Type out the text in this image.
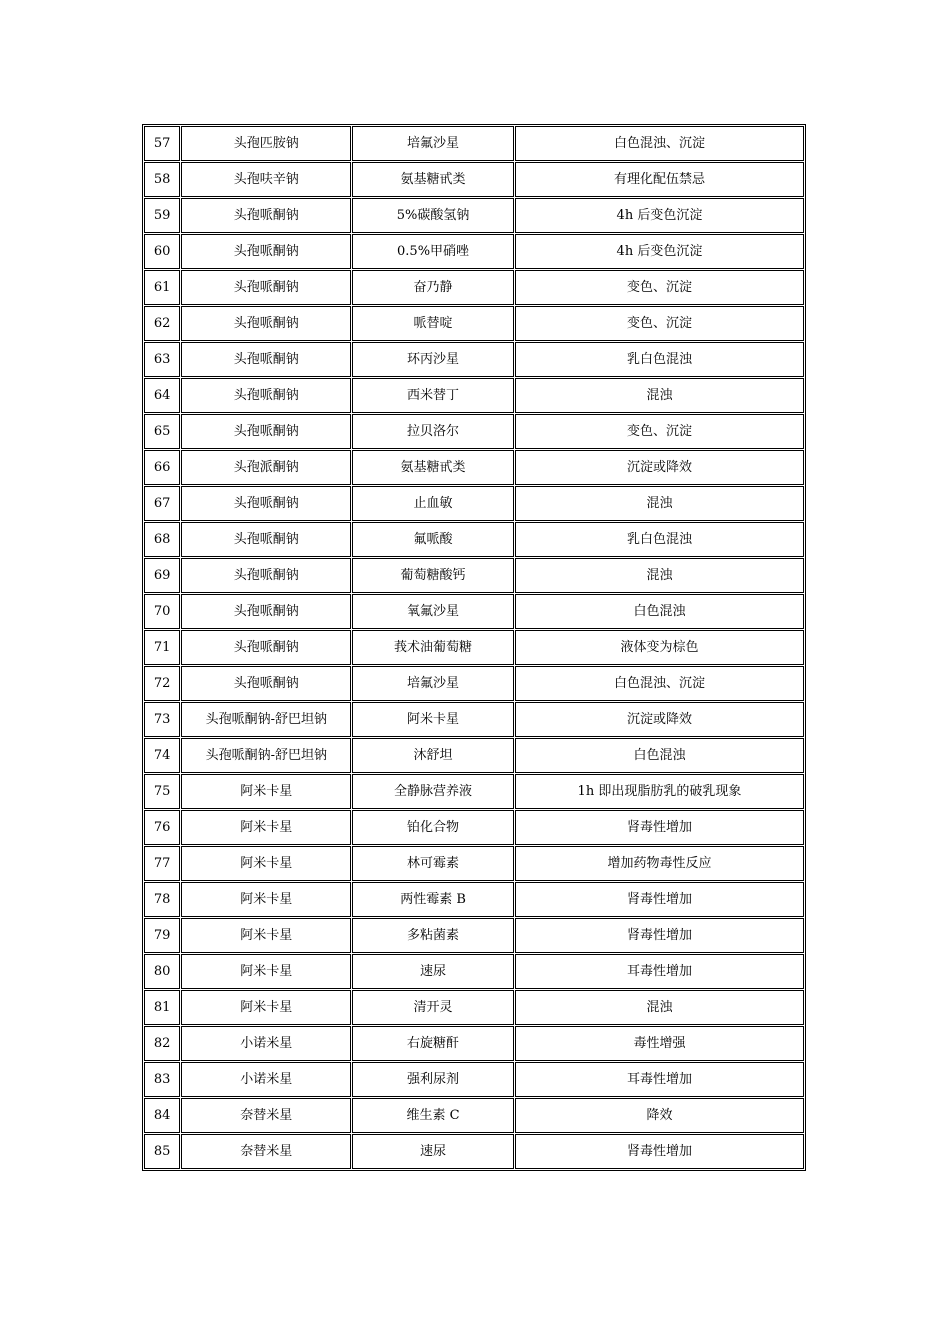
57	头孢匹胺钠	培氟沙星	白色混浊、沉淀
58	头孢呋辛钠	氨基糖甙类	有理化配伍禁忌
59	头孢哌酮钠	5%碳酸氢钠	4h 后变色沉淀
60	头孢哌酮钠	0.5%甲硝唑	4h 后变色沉淀
61	头孢哌酮钠	奋乃静	变色、沉淀
62	头孢哌酮钠	哌替啶	变色、沉淀
63	头孢哌酮钠	环丙沙星	乳白色混浊
64	头孢哌酮钠	西米替丁	混浊
65	头孢哌酮钠	拉贝洛尔	变色、沉淀
66	头孢派酮钠	氨基糖甙类	沉淀或降效
67	头孢哌酮钠	止血敏	混浊
68	头孢哌酮钠	氟哌酸	乳白色混浊
69	头孢哌酮钠	葡萄糖酸钙	混浊
70	头孢哌酮钠	氧氟沙星	白色混浊
71	头孢哌酮钠	莪术油葡萄糖	液体变为棕色
72	头孢哌酮钠	培氟沙星	白色混浊、沉淀
73	头孢哌酮钠-舒巴坦钠	阿米卡星	沉淀或降效
74	头孢哌酮钠-舒巴坦钠	沐舒坦	白色混浊
75	阿米卡星	全静脉营养液	1h 即出现脂肪乳的破乳现象
76	阿米卡星	铂化合物	肾毒性增加
77	阿米卡星	林可霉素	增加药物毒性反应
78	阿米卡星	两性霉素 B	肾毒性增加
79	阿米卡星	多粘菌素	肾毒性增加
80	阿米卡星	速尿	耳毒性增加
81	阿米卡星	清开灵	混浊
82	小诺米星	右旋糖酐	毒性增强
83	小诺米星	强利尿剂	耳毒性增加
84	奈替米星	维生素 C	降效
85	奈替米星	速尿	肾毒性增加
